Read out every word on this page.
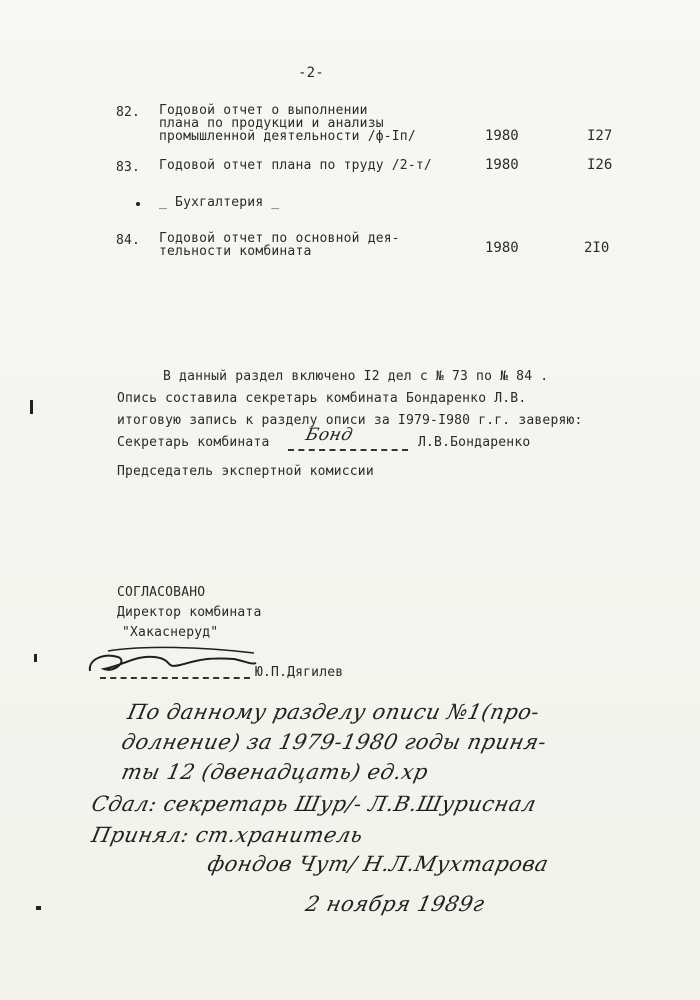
-2-
82. Годовой отчет о выполнении
плана по продукции и анализы
промышленной деятельности /ф-Iп/	1980	I27
83. Годовой отчет плана по труду /2-т/	1980	I26
_ Бухгалтерия _
84. Годовой отчет по основной дея-
тельности комбината	1980	2I0
В данный раздел включено I2 дел с № 73 по № 84 .
Опись составила секретарь комбината Бондаренко Л.В.
итоговую запись к разделу описи за I979-I980 г.г. заверяю:
Секретарь комбината Бонд	Л.В.Бондаренко
Председатель экспертной комиссии
СОГЛАСОВАНО
Директор комбината
"Хакаснеруд"
Ю.П.Дягилев
По данному разделу описи №1(про-
долнение) за 1979-1980 годы приня-
ты 12 (двенадцать) ед.хр
Сдал: секретарь Шур/- Л.В.Шуриснал
Принял: ст.хранитель
фондов Чут/ Н.Л.Мухтарова
2 ноября 1989г
